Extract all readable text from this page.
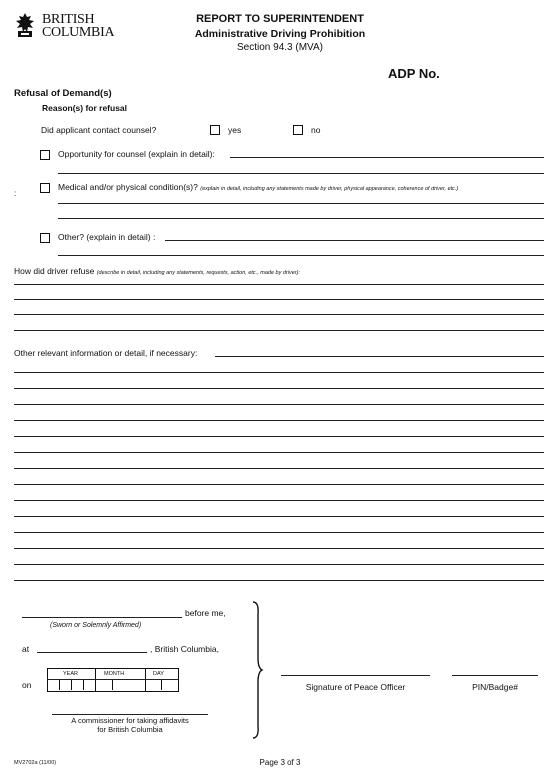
BRITISH
COLUMBIA
REPORT TO SUPERINTENDENT
Administrative Driving Prohibition
Section 94.3 (MVA)
ADP No.
Refusal of Demand(s)
Reason(s) for refusal
Did applicant contact counsel?	yes	no
Opportunity for counsel (explain in detail):
:
Medical and/or physical condition(s)? (explain in detail, including any statements made by driver, physical appearance, coherence of driver, etc.)
Other? (explain in detail) :
How did driver refuse (describe in detail, including any statements, requests, action, etc., made by driver):
Other relevant information or detail, if necessary:
before me,
(Sworn or Solemnly Affirmed)
at	, British Columbia,
on
YEAR	MONTH	DAY
A commissioner for taking affidavits
for British Columbia
Signature of Peace Officer	PIN/Badge#
MV2702a (11/00)	Page 3 of 3
